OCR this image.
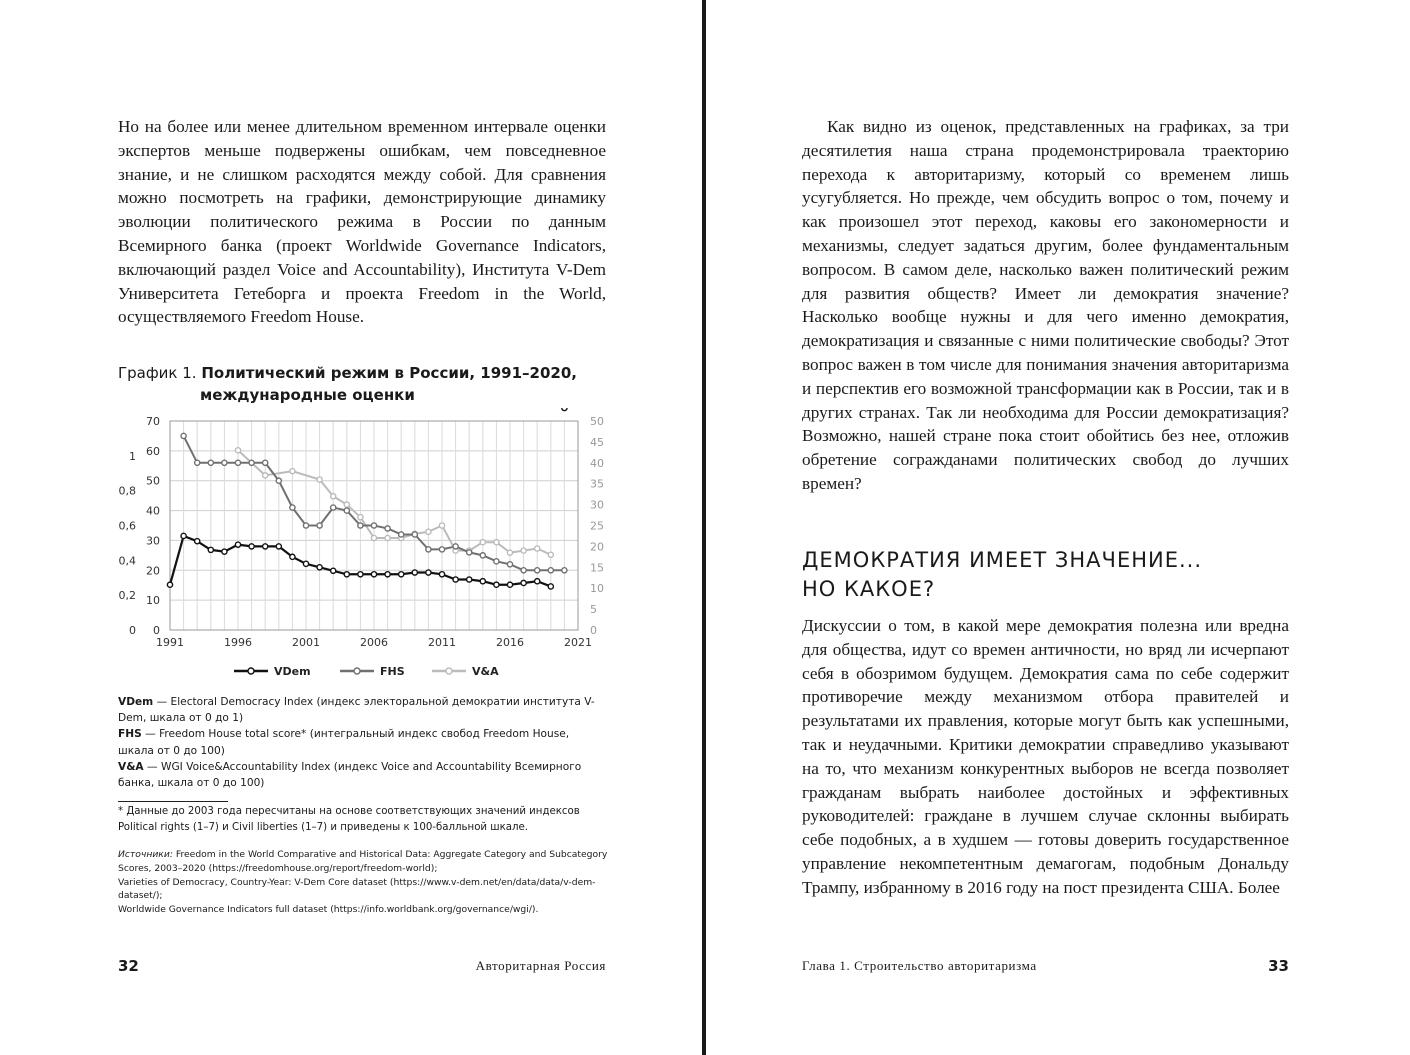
Но на более или менее длительном временном интервале оценки экспертов меньше подвержены ошибкам, чем повседневное знание, и не слишком расходятся между собой. Для сравнения можно посмотреть на графики, демонстрирующие динамику эволюции политического режима в России по данным Всемирного банка (проект Worldwide Governance Indicators, включающий раздел Voice and Accountability), Института V-Dem Университета Гетеборга и проекта Freedom in the World, осуществляемого Freedom House.

График 1. Политический режим в России, 1991–2020,
международные оценки
70
60
50
40
30
20
10
0
1
0,8
0,6
0,4
0,2
0
50
45
40
35
30
25
20
15
10
5
0
1991	1996	2001	2006	2011	2016	2021
VDem	FHS	V&A

VDem — Electoral Democracy Index (индекс электоральной демократии института V-Dem, шкала от 0 до 1)

FHS — Freedom House total score* (интегральный индекс свобод Freedom House, шкала от 0 до 100)

V&A — WGI Voice&Accountability Index (индекс Voice and Accountability Всемирного банка, шкала от 0 до 100)

* Данные до 2003 года пересчитаны на основе соответствующих значений индексов Political rights (1–7) и Civil liberties (1–7) и приведены к 100-балльной шкале.

Источники: Freedom in the World Comparative and Historical Data: Aggregate Category and Subcategory Scores, 2003–2020 (https://freedomhouse.org/report/freedom-world);

Varieties of Democracy, Country-Year: V-Dem Core dataset (https://www.v-dem.net/en/data/data/v-dem-dataset/);

Worldwide Governance Indicators full dataset (https://info.worldbank.org/governance/wgi/).

32	Авторитарная Россия

Как видно из оценок, представленных на графиках, за три десятилетия наша страна продемонстрировала траекторию перехода к авторитаризму, который со временем лишь усугубляется. Но прежде, чем обсудить вопрос о том, почему и как произошел этот переход, каковы его закономерности и механизмы, следует задаться другим, более фундаментальным вопросом. В самом деле, насколько важен политический режим для развития обществ? Имеет ли демократия значение? Насколько вообще нужны и для чего именно демократия, демократизация и связанные с ними политические свободы? Этот вопрос важен в том числе для понимания значения авторитаризма и перспектив его возможной трансформации как в России, так и в других странах. Так ли необходима для России демократизация? Возможно, нашей стране пока стоит обойтись без нее, отложив обретение согражданами политических свобод до лучших времен?

ДЕМОКРАТИЯ ИМЕЕТ ЗНАЧЕНИЕ...
НО КАКОЕ?

Дискуссии о том, в какой мере демократия полезна или вредна для общества, идут со времен античности, но вряд ли исчерпают себя в обозримом будущем. Демократия сама по себе содержит противоречие между механизмом отбора правителей и результатами их правления, которые могут быть как успешными, так и неудачными. Критики демократии справедливо указывают на то, что механизм конкурентных выборов не всегда позволяет гражданам выбрать наиболее достойных и эффективных руководителей: граждане в лучшем случае склонны выбирать себе подобных, а в худшем — готовы доверить государственное управление некомпетентным демагогам, подобным Дональду Трампу, избранному в 2016 году на пост президента США. Более

Глава 1. Строительство авторитаризма	33
